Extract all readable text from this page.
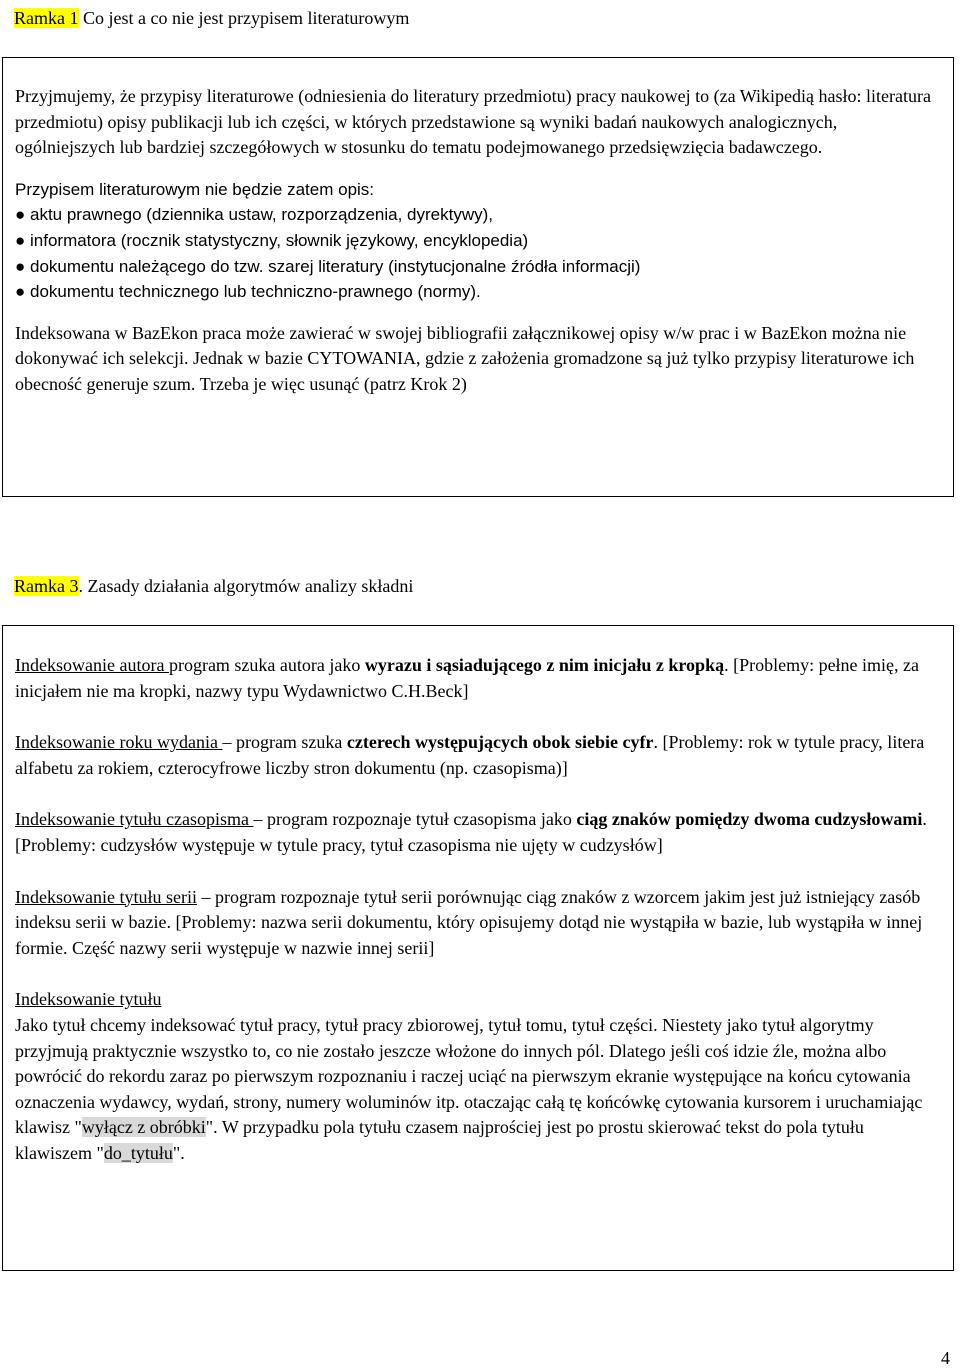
Ramka 1 Co jest a co nie jest przypisem literaturowym

Przyjmujemy, że przypisy literaturowe (odniesienia do literatury przedmiotu) pracy naukowej to (za Wikipedią hasło: literatura przedmiotu) opisy publikacji lub ich części, w których przedstawione są wyniki badań naukowych analogicznych, ogólniejszych lub bardziej szczegółowych w stosunku do tematu podejmowanego przedsięwzięcia badawczego.

Przypisem literaturowym nie będzie zatem opis:

● aktu prawnego (dziennika ustaw, rozporządzenia, dyrektywy),
● informatora (rocznik statystyczny, słownik językowy, encyklopedia)
● dokumentu należącego do tzw. szarej literatury (instytucjonalne źródła informacji)
● dokumentu technicznego lub techniczno-prawnego (normy).

Indeksowana w BazEkon praca może zawierać w swojej bibliografii załącznikowej opisy w/w prac i w BazEkon można nie dokonywać ich selekcji. Jednak w bazie CYTOWANIA, gdzie z założenia gromadzone są już tylko przypisy literaturowe ich obecność generuje szum. Trzeba je więc usunąć (patrz Krok 2)

Ramka 3. Zasady działania algorytmów analizy składni

Indeksowanie autora program szuka autora jako wyrazu i sąsiadującego z nim inicjału z kropką. [Problemy: pełne imię, za inicjałem nie ma kropki, nazwy typu Wydawnictwo C.H.Beck]

Indeksowanie roku wydania – program szuka czterech występujących obok siebie cyfr. [Problemy: rok w tytule pracy, litera alfabetu za rokiem, czterocyfrowe liczby stron dokumentu (np. czasopisma)]

Indeksowanie tytułu czasopisma – program rozpoznaje tytuł czasopisma jako ciąg znaków pomiędzy dwoma cudzysłowami. [Problemy: cudzysłów występuje w tytule pracy, tytuł czasopisma nie ujęty w cudzysłów]

Indeksowanie tytułu serii – program rozpoznaje tytuł serii porównując ciąg znaków z wzorcem jakim jest już istniejący zasób indeksu serii w bazie. [Problemy: nazwa serii dokumentu, który opisujemy dotąd nie wystąpiła w bazie, lub wystąpiła w innej formie. Część nazwy serii występuje w nazwie innej serii]

Indeksowanie tytułu

Jako tytuł chcemy indeksować tytuł pracy, tytuł pracy zbiorowej, tytuł tomu, tytuł części. Niestety jako tytuł algorytmy przyjmują praktycznie wszystko to, co nie zostało jeszcze włożone do innych pól. Dlatego jeśli coś idzie źle, można albo powrócić do rekordu zaraz po pierwszym rozpoznaniu i raczej uciąć na pierwszym ekranie występujące na końcu cytowania oznaczenia wydawcy, wydań, strony, numery woluminów itp. otaczając całą tę końcówkę cytowania kursorem i uruchamiając klawisz "wyłącz z obróbki". W przypadku pola tytułu czasem najprościej jest po prostu skierować tekst do pola tytułu klawiszem "do_tytułu".

4
